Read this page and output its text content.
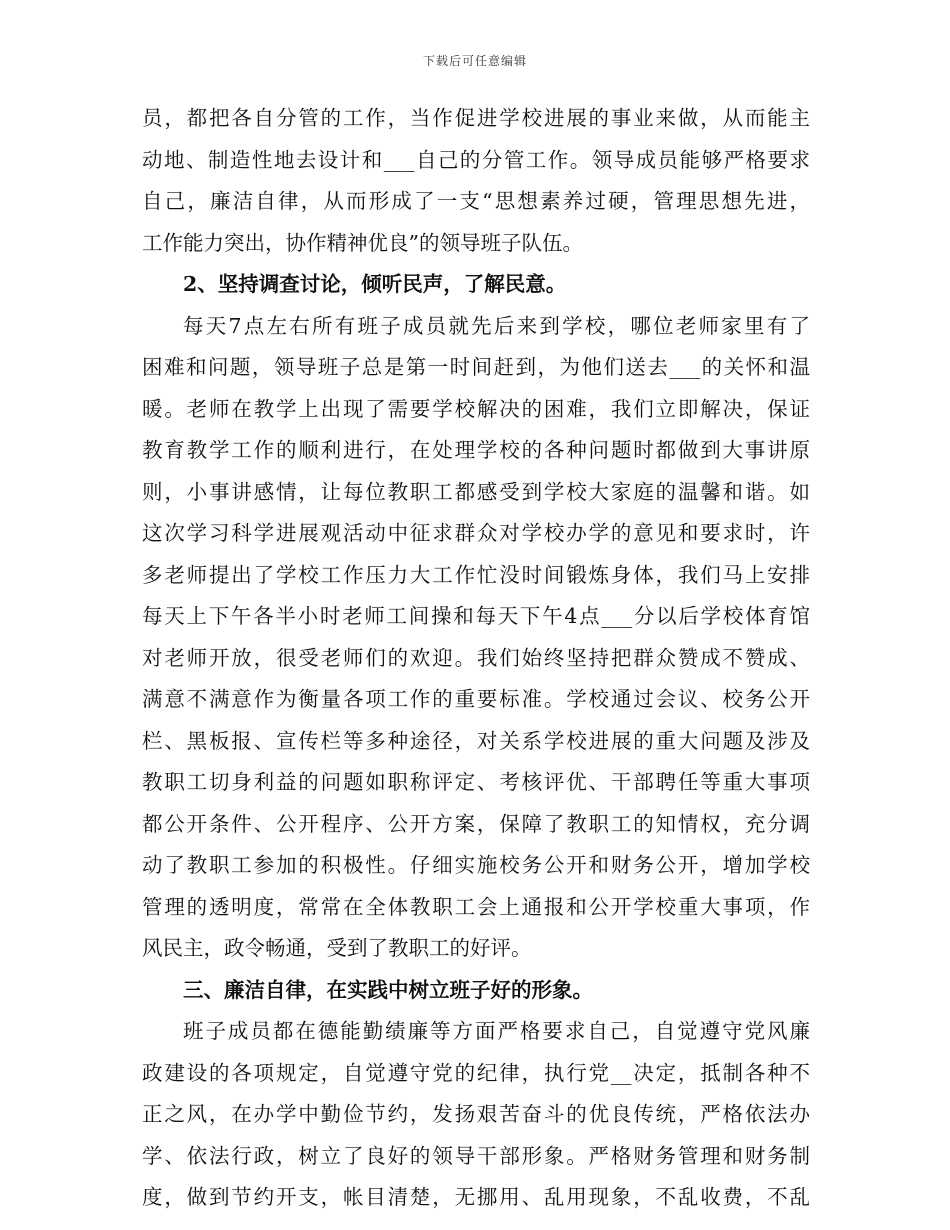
下载后可任意编辑
员，都把各自分管的工作，当作促进学校进展的事业来做，从而能主
动地、制造性地去设计和___自己的分管工作。领导成员能够严格要求
自己，廉洁自律，从而形成了一支“思想素养过硬，管理思想先进，
工作能力突出，协作精神优良”的领导班子队伍。
2、坚持调查讨论，倾听民声，了解民意。
每天7点左右所有班子成员就先后来到学校，哪位老师家里有了
困难和问题，领导班子总是第一时间赶到，为他们送去___的关怀和温
暖。老师在教学上出现了需要学校解决的困难，我们立即解决，保证
教育教学工作的顺利进行，在处理学校的各种问题时都做到大事讲原
则，小事讲感情，让每位教职工都感受到学校大家庭的温馨和谐。如
这次学习科学进展观活动中征求群众对学校办学的意见和要求时，许
多老师提出了学校工作压力大工作忙没时间锻炼身体，我们马上安排
每天上下午各半小时老师工间操和每天下午4点___分以后学校体育馆
对老师开放，很受老师们的欢迎。我们始终坚持把群众赞成不赞成、
满意不满意作为衡量各项工作的重要标准。学校通过会议、校务公开
栏、黑板报、宣传栏等多种途径，对关系学校进展的重大问题及涉及
教职工切身利益的问题如职称评定、考核评优、干部聘任等重大事项
都公开条件、公开程序、公开方案，保障了教职工的知情权，充分调
动了教职工参加的积极性。仔细实施校务公开和财务公开，增加学校
管理的透明度，常常在全体教职工会上通报和公开学校重大事项，作
风民主，政令畅通，受到了教职工的好评。
三、廉洁自律，在实践中树立班子好的形象。
班子成员都在德能勤绩廉等方面严格要求自己，自觉遵守党风廉
政建设的各项规定，自觉遵守党的纪律，执行党__决定，抵制各种不
正之风，在办学中勤俭节约，发扬艰苦奋斗的优良传统，严格依法办
学、依法行政，树立了良好的领导干部形象。严格财务管理和财务制
度，做到节约开支，帐目清楚，无挪用、乱用现象，不乱收费，不乱
